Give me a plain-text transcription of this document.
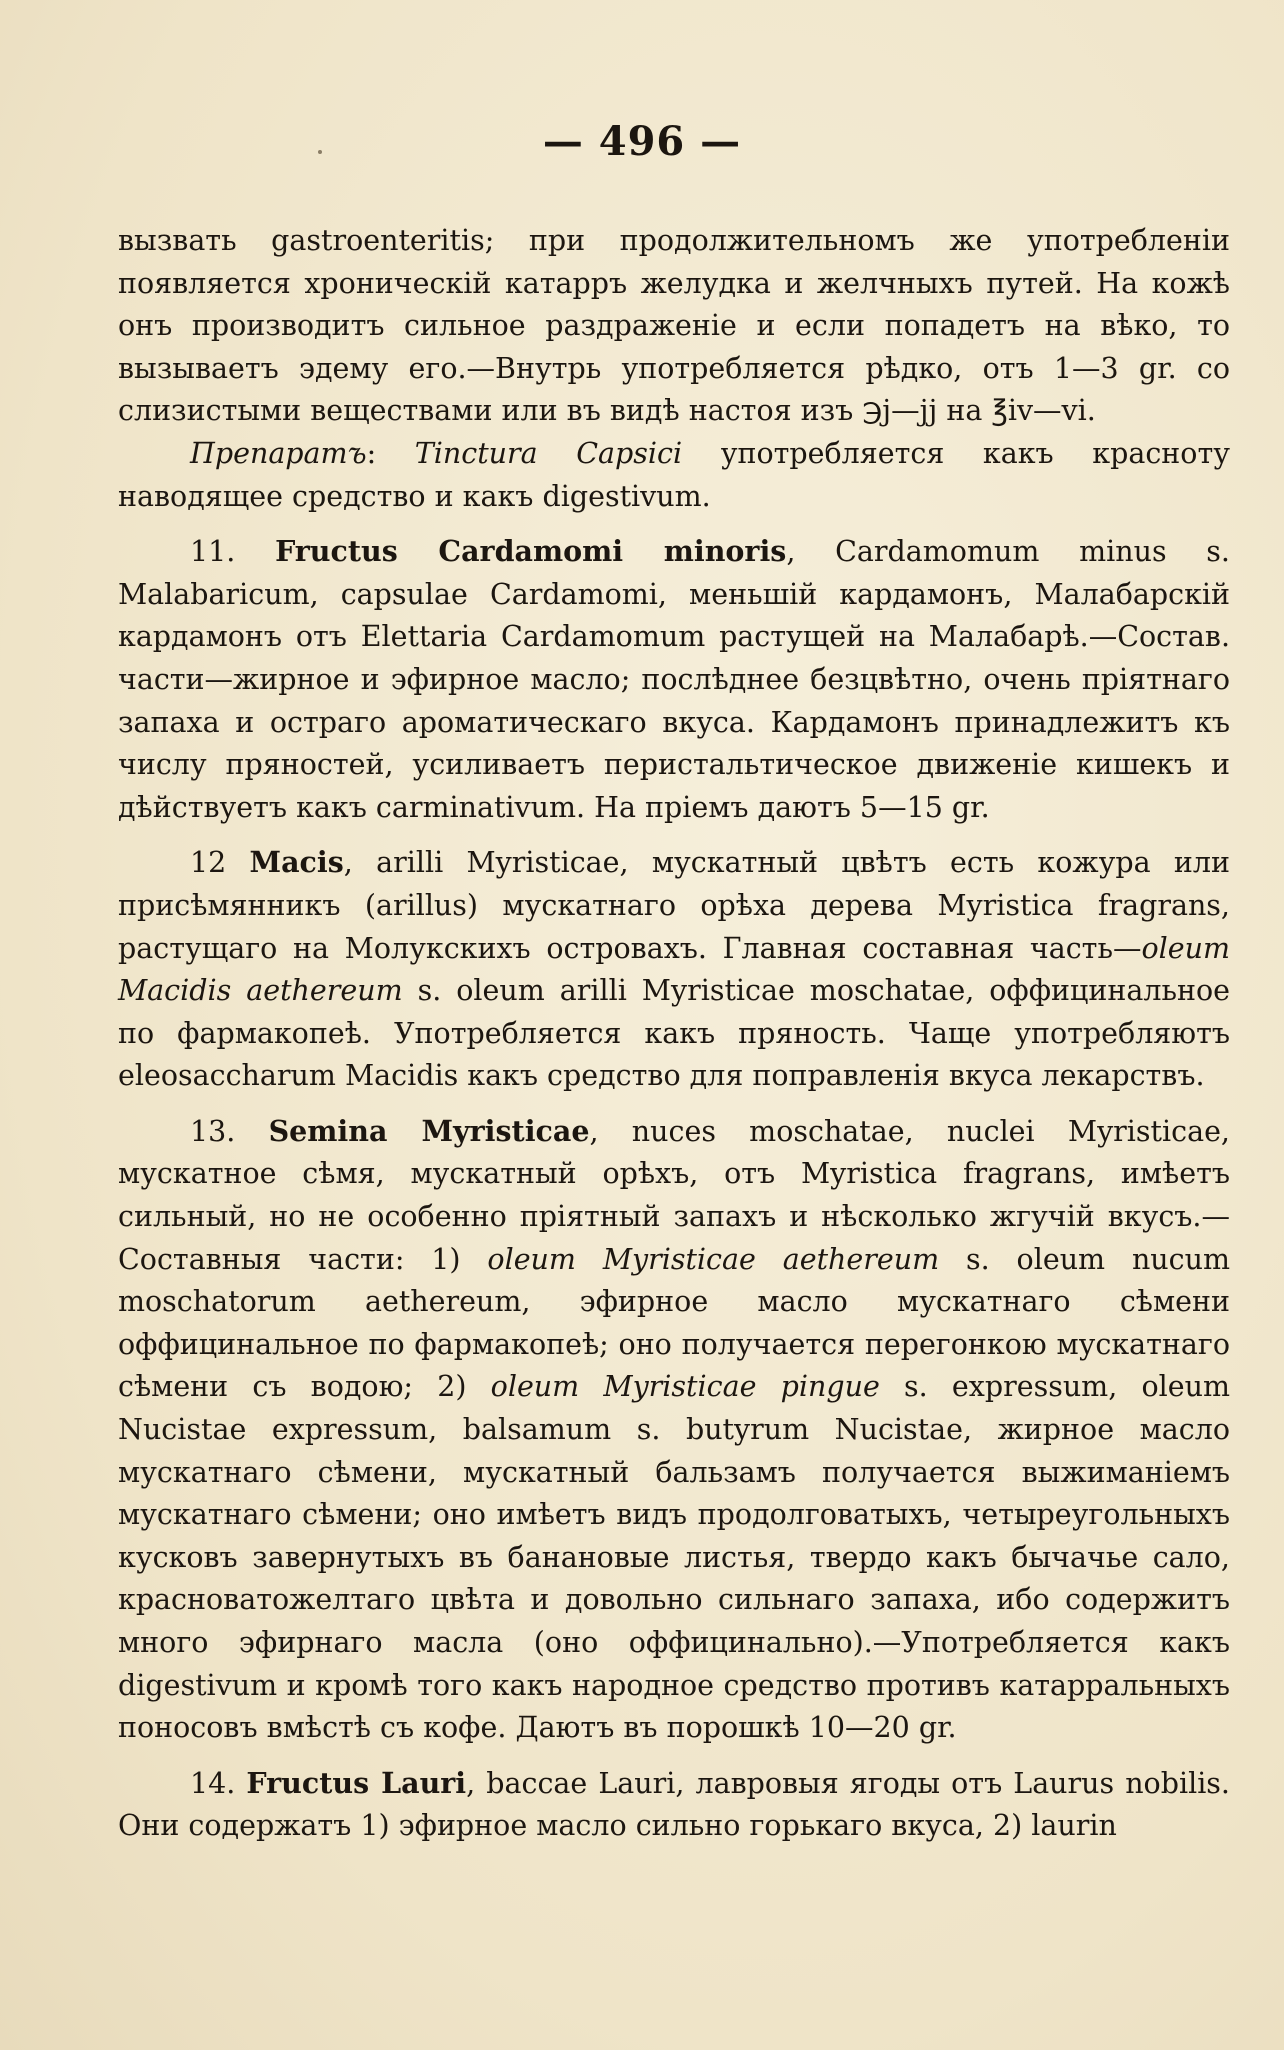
— 496 —

вызвать gastroenteritis; при продолжительномъ же употребленіи появляется хроническій катарръ желудка и желчныхъ путей. На кожѣ онъ производитъ сильное раздраженіе и если попадетъ на вѣко, то вызываетъ эдему его.—Внутрь употребляется рѣдко, отъ 1—3 gr. со слизистыми веществами или въ видѣ настоя изъ ℈j—jj на ℥iv—vi.

Препаратъ: Tinctura Capsici употребляется какъ красноту наводящее средство и какъ digestivum.

11. Fructus Cardamomi minoris, Cardamomum minus s. Malabaricum, capsulae Cardamomi, меньшій кардамонъ, Малабарскій кардамонъ отъ Elettaria Cardamomum растущей на Малабарѣ.—Состав. части—жирное и эфирное масло; послѣднее безцвѣтно, очень пріятнаго запаха и остраго ароматическаго вкуса. Кардамонъ принадлежитъ къ числу пряностей, усиливаетъ перистальтическое движеніе кишекъ и дѣйствуетъ какъ carminativum. На пріемъ даютъ 5—15 gr.

12 Macis, arilli Myristicae, мускатный цвѣтъ есть кожура или присѣмянникъ (arillus) мускатнаго орѣха дерева Myristica fragrans, растущаго на Молукскихъ островахъ. Главная составная часть—oleum Macidis aethereum s. oleum arilli Myristicae moschatae, оффицинальное по фармакопеѣ. Употребляется какъ пряность. Чаще употребляютъ eleosaccharum Macidis какъ средство для поправленія вкуса лекарствъ.

13. Semina Myristicae, nuces moschatae, nuclei Myristicae, мускатное сѣмя, мускатный орѣхъ, отъ Myristica fragrans, имѣетъ сильный, но не особенно пріятный запахъ и нѣсколько жгучій вкусъ.—Составныя части: 1) oleum Myristicae aethereum s. oleum nucum moschatorum aethereum, эфирное масло мускатнаго сѣмени оффицинальное по фармакопеѣ; оно получается перегонкою мускатнаго сѣмени съ водою; 2) oleum Myristicae pingue s. expressum, oleum Nucistae expressum, balsamum s. butyrum Nucistae, жирное масло мускатнаго сѣмени, мускатный бальзамъ получается выжиманіемъ мускатнаго сѣмени; оно имѣетъ видъ продолговатыхъ, четыреугольныхъ кусковъ завернутыхъ въ банановые листья, твердо какъ бычачье сало, красноватожелтаго цвѣта и довольно сильнаго запаха, ибо содержитъ много эфирнаго масла (оно оффицинально).—Употребляется какъ digestivum и кромѣ того какъ народное средство противъ катарральныхъ поносовъ вмѣстѣ съ кофе. Даютъ въ порошкѣ 10—20 gr.

14. Fructus Lauri, baccae Lauri, лавровыя ягоды отъ Laurus nobilis. Они содержатъ 1) эфирное масло сильно горькаго вкуса, 2) laurin
